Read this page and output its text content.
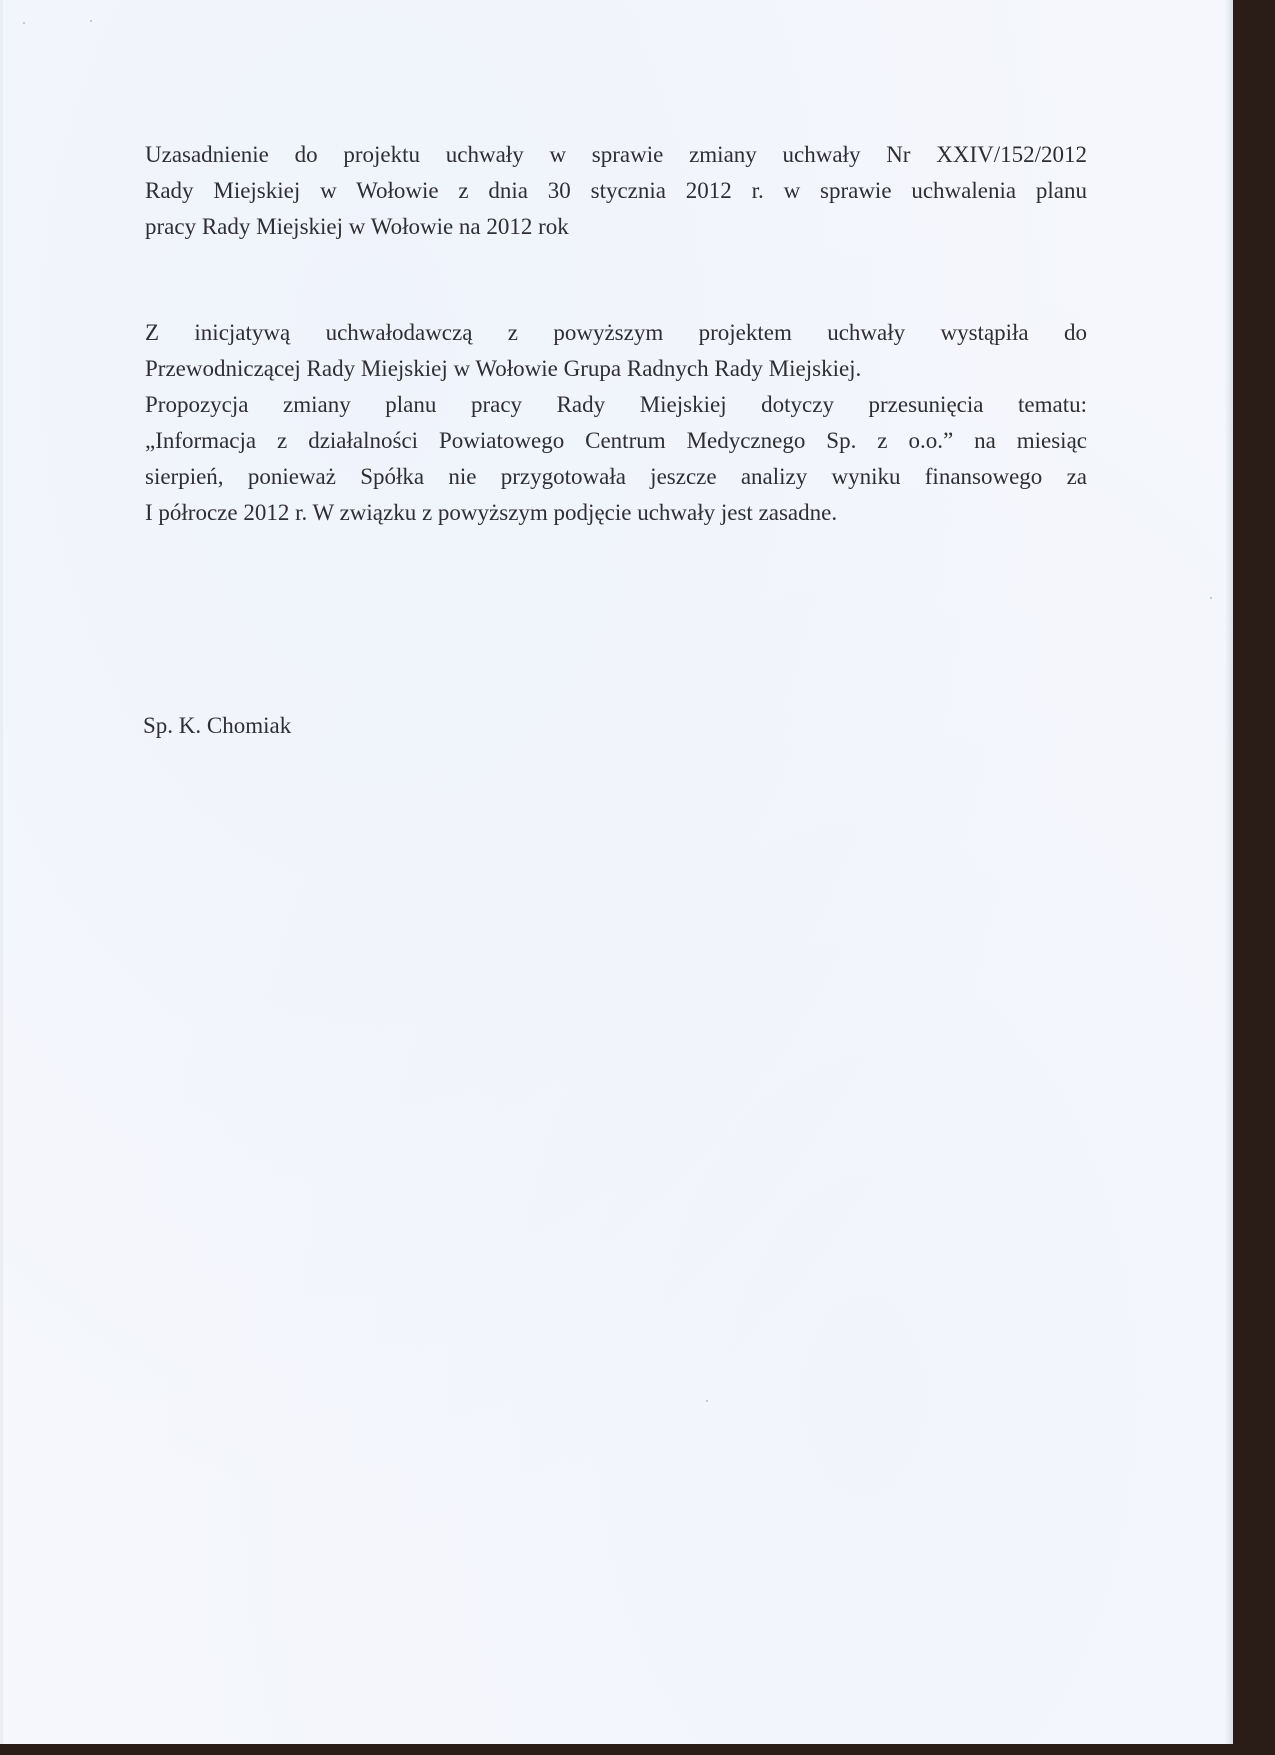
Uzasadnienie do projektu uchwały w sprawie zmiany uchwały Nr XXIV/152/2012
Rady Miejskiej w Wołowie z dnia 30 stycznia 2012 r. w sprawie uchwalenia planu
pracy Rady Miejskiej w Wołowie na 2012 rok
Z inicjatywą uchwałodawczą z powyższym projektem uchwały wystąpiła do
Przewodniczącej Rady Miejskiej w Wołowie Grupa Radnych Rady Miejskiej.
Propozycja zmiany planu pracy Rady Miejskiej dotyczy przesunięcia tematu:
„Informacja z działalności Powiatowego Centrum Medycznego Sp. z o.o.” na miesiąc
sierpień, ponieważ Spółka nie przygotowała jeszcze analizy wyniku finansowego za
I półrocze 2012 r. W związku z powyższym podjęcie uchwały jest zasadne.
Sp. K. Chomiak
